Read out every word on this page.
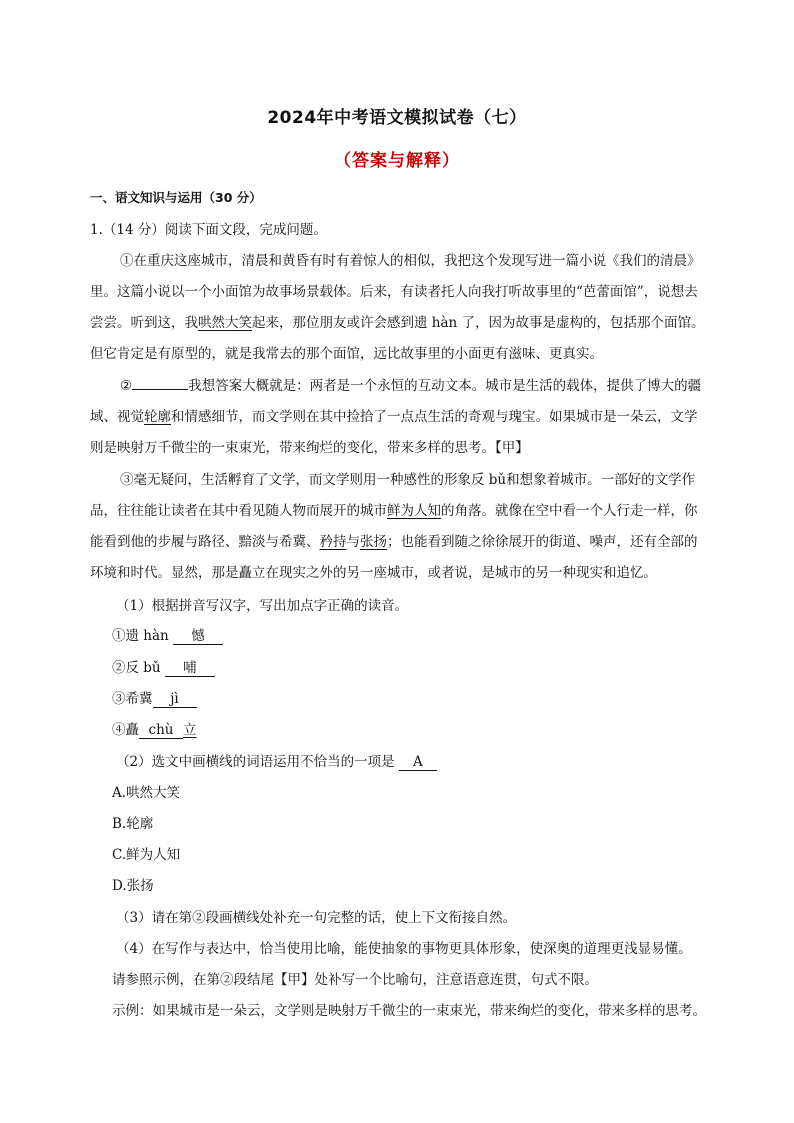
2024年中考语文模拟试卷（七）
（答案与解释）
一、语文知识与运用（30 分）
1.（14 分）阅读下面文段，完成问题。
①在重庆这座城市，清晨和黄昏有时有着惊人的相似，我把这个发现写进一篇小说《我们的清晨》
里。这篇小说以一个小面馆为故事场景载体。后来，有读者托人向我打听故事里的“芭蕾面馆”，说想去
尝尝。听到这，我哄然大笑起来，那位朋友或许会感到遗 hàn 了，因为故事是虚构的，包括那个面馆。
但它肯定是有原型的，就是我常去的那个面馆，远比故事里的小面更有滋味、更真实。
②	我想答案大概就是：两者是一个永恒的互动文本。城市是生活的载体，提供了博大的疆
域、视觉轮廓和情感细节，而文学则在其中捡拾了一点点生活的奇观与瑰宝。如果城市是一朵云，文学
则是映射万千微尘的一束束光，带来绚烂的变化，带来多样的思考。【甲】
③毫无疑问，生活孵育了文学，而文学则用一种感性的形象反 bǔ和想象着城市。一部好的文学作
品，往往能让读者在其中看见随人物而展开的城市鲜为人知的角落。就像在空中看一个人行走一样，你
能看到他的步履与路径、黯淡与希冀、矜持与张扬；也能看到随之徐徐展开的街道、噪声，还有全部的
环境和时代。显然，那是矗立在现实之外的另一座城市，或者说，是城市的另一种现实和追忆。
（1）根据拼音写汉字，写出加点字正确的读音。
①遗 hàn 憾
②反 bǔ 哺
③希冀 jì
④矗 chù 立
（2）选文中画横线的词语运用不恰当的一项是 A
A.哄然大笑
B.轮廓
C.鲜为人知
D.张扬
（3）请在第②段画横线处补充一句完整的话，使上下文衔接自然。
（4）在写作与表达中，恰当使用比喻，能使抽象的事物更具体形象，使深奥的道理更浅显易懂。
请参照示例，在第②段结尾【甲】处补写一个比喻句，注意语意连贯，句式不限。
示例：如果城市是一朵云，文学则是映射万千微尘的一束束光，带来绚烂的变化，带来多样的思考。
